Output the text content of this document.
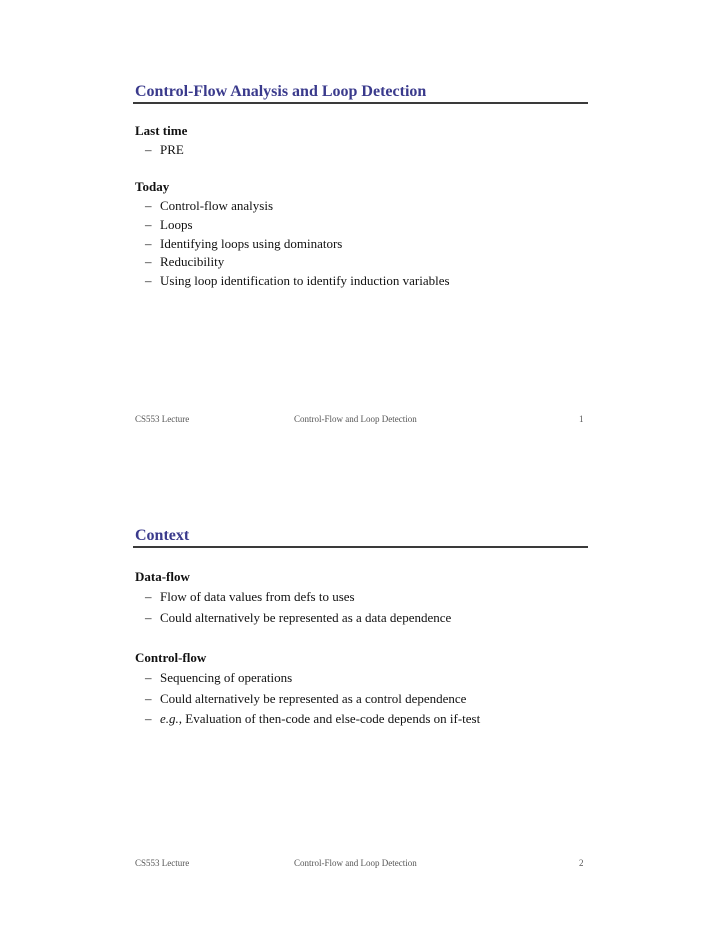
Control-Flow Analysis and Loop Detection
Last time
– PRE
Today
– Control-flow analysis
– Loops
– Identifying loops using dominators
– Reducibility
– Using loop identification to identify induction variables
CS553 Lecture	Control-Flow and Loop Detection	1
Context
Data-flow
– Flow of data values from defs to uses
– Could alternatively be represented as a data dependence
Control-flow
– Sequencing of operations
– Could alternatively be represented as a control dependence
– e.g., Evaluation of then-code and else-code depends on if-test
CS553 Lecture	Control-Flow and Loop Detection	2
